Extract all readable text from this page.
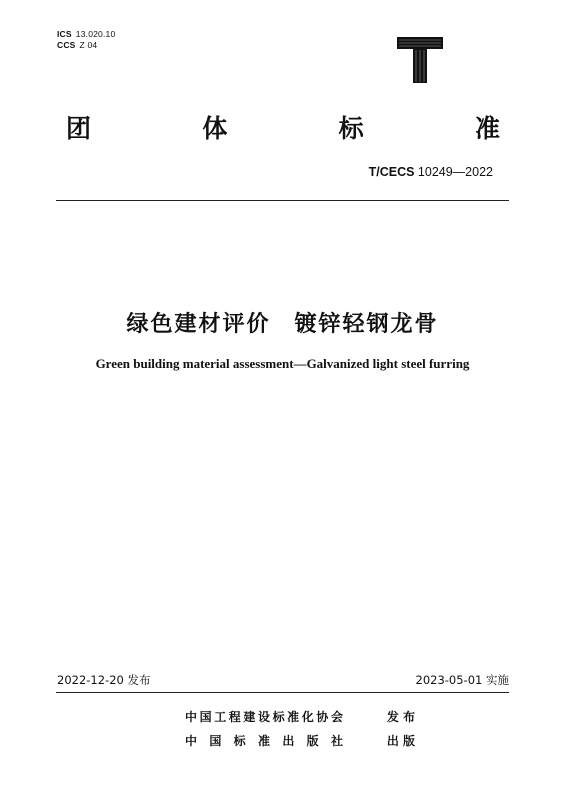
ICS 13.020.10
CCS Z 04
T
团	体	标	准
T/CECS 10249—2022
绿色建材评价　镀锌轻钢龙骨
Green building material assessment—Galvanized light steel furring
2022-12-20 发布	2023-05-01 实施
中 国 工 程 建 设 标 准 化 协 会	发 布
中 国 标 准 出 版 社	出 版
